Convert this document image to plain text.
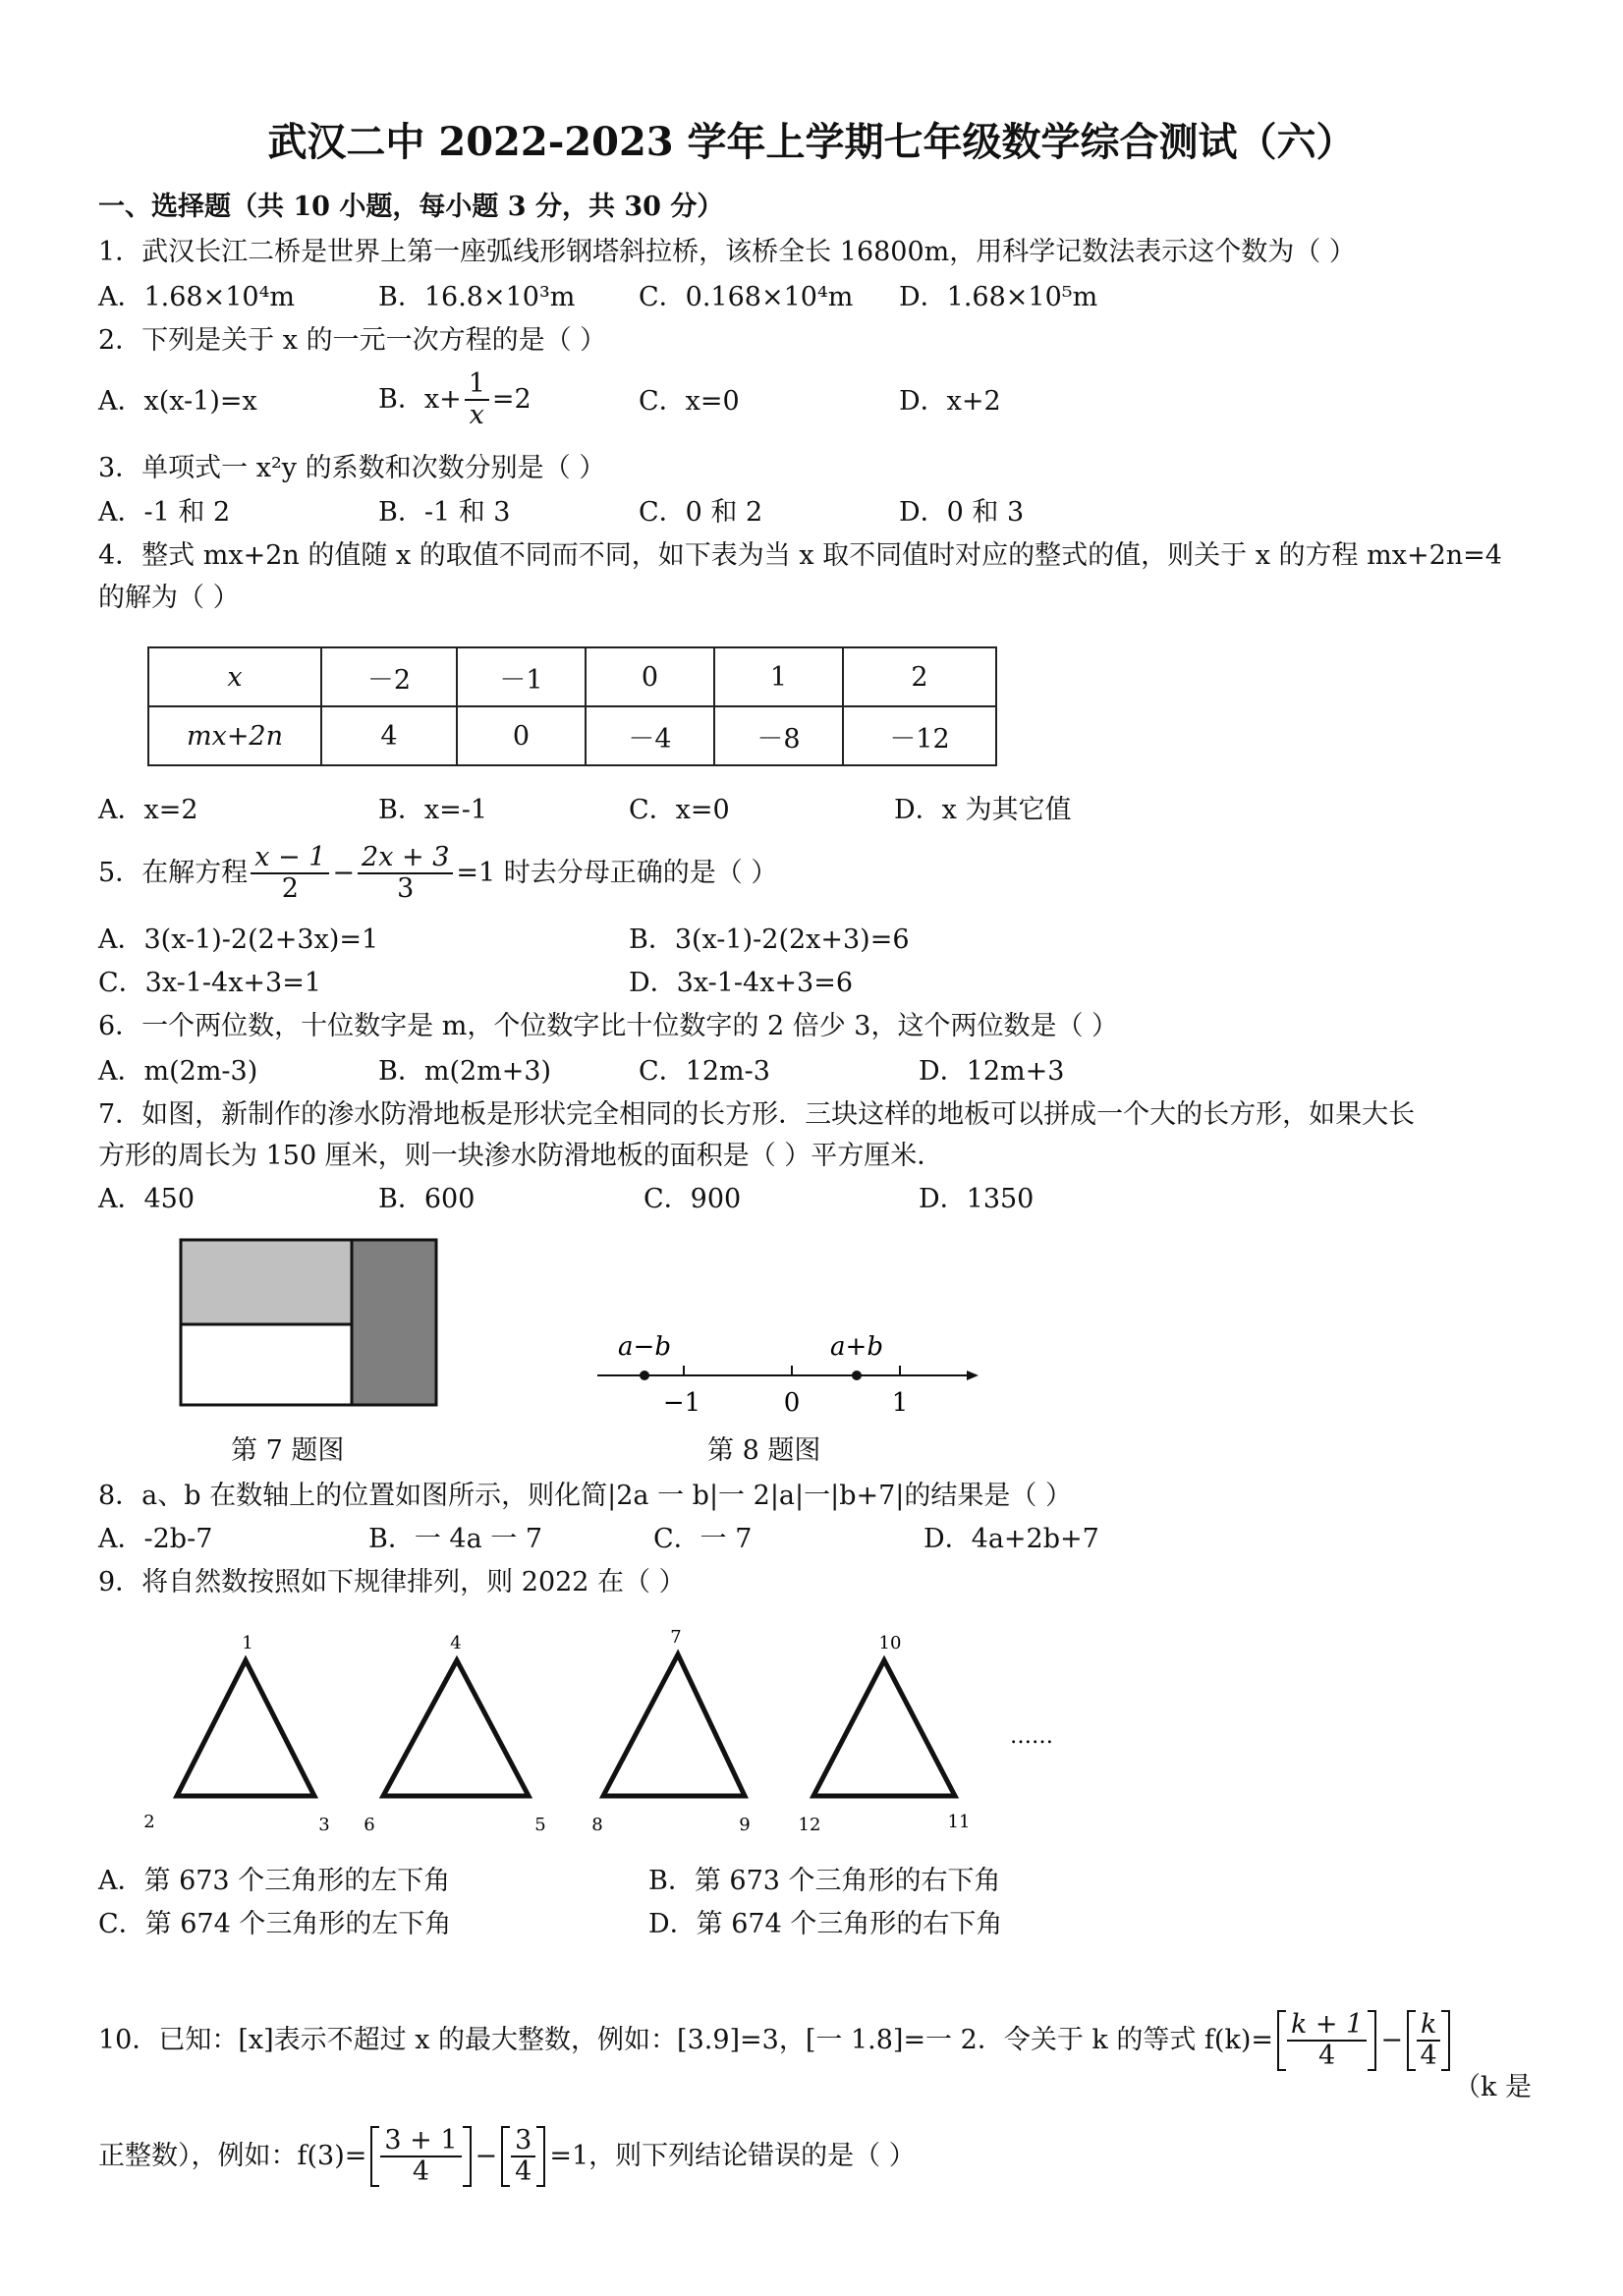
武汉二中 2022-2023 学年上学期七年级数学综合测试（六）
一、选择题（共 10 小题，每小题 3 分，共 30 分）
1．武汉长江二桥是世界上第一座弧线形钢塔斜拉桥，该桥全长 16800m，用科学记数法表示这个数为（ ）
A．1.68×10⁴m	B．16.8×10³m C．0.168×10⁴m D．1.68×10⁵m
2．下列是关于 x 的一元一次方程的是（ ）
A．x(x-1)=x	B．$x+ \frac{1}{x} =2$	C．x=0	D．x+2
3．单项式一 x²y 的系数和次数分别是（ ）
A．-1 和 2	B．-1 和 3	C．0 和 2	D．0 和 3
4．整式 mx+2n 的值随 x 的取值不同而不同，如下表为当 x 取不同值时对应的整式的值，则关于 x 的方程 mx+2n=4
的解为（ ）
x	－2	－1	0	1	2
mx+2n	4	0	－4	－8	－12
A．x=2	B．x=-1	C．x=0	D．x 为其它值
5．在解方程 $\frac{x - 1}{2} - \frac{2x + 3}{3} =1$ 时去分母正确的是（ ）
A．3(x-1)-2(2+3x)=1	B．3(x-1)-2(2x+3)=6
C．3x-1-4x+3=1	D．3x-1-4x+3=6
6．一个两位数，十位数字是 m，个位数字比十位数字的 2 倍少 3，这个两位数是（ ）
A．m(2m-3)	B．m(2m+3)	C．12m-3	D．12m+3
7．如图，新制作的渗水防滑地板是形状完全相同的长方形．三块这样的地板可以拼成一个大的长方形，如果大长
方形的周长为 150 厘米，则一块渗水防滑地板的面积是（ ）平方厘米．
A．450	B．600	C．900	D．1350
第 7 题图
a−b	a+b
−1	0	1
第 8 题图
8．a、b 在数轴上的位置如图所示，则化简|2a 一 b|一 2|a|一|b+7|的结果是（ ）
A．-2b-7	B．一 4a 一 7	C．一 7	D．4a+2b+7
9．将自然数按照如下规律排列，则 2022 在（ ）
1
2	3
4
6	5
7
8	9
10
12	11
……
A．第 673 个三角形的左下角	B．第 673 个三角形的右下角
C．第 674 个三角形的左下角	D．第 674 个三角形的右下角
10．已知：[x]表示不超过 x 的最大整数，例如：[3.9]=3，[一 1.8]=一 2．令关于 k 的等式 $f(k)= \frac{k + 1}{4} - \frac{k}{4}$
（k 是
正整数），例如：$f(3)= \frac{3 + 1}{4} - \frac{3}{4} =1$，则下列结论错误的是（ ）
